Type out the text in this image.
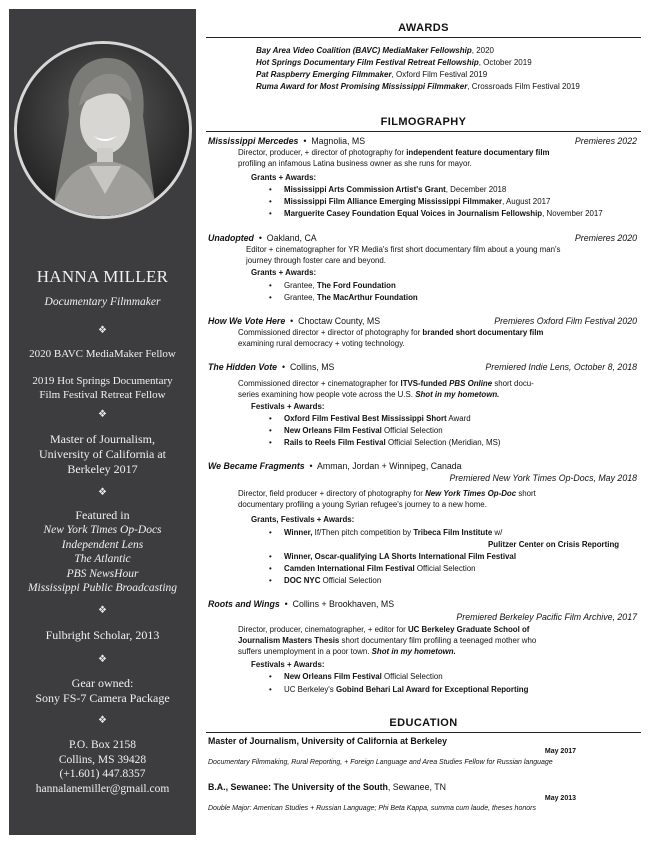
HANNA MILLER
Documentary Filmmaker
❖
2020 BAVC MediaMaker Fellow
2019 Hot Springs Documentary
Film Festival Retreat Fellow
❖
Master of Journalism,
University of California at
Berkeley 2017
❖
Featured in
New York Times Op-Docs
Independent Lens
The Atlantic
PBS NewsHour
Mississippi Public Broadcasting
❖
Fulbright Scholar, 2013
❖
Gear owned:
Sony FS-7 Camera Package
❖
P.O. Box 2158
Collins, MS 39428
(+1.601) 447.8357
hannalanemiller@gmail.com
AWARDS
Bay Area Video Coalition (BAVC) MediaMaker Fellowship, 2020
Hot Springs Documentary Film Festival Retreat Fellowship, October 2019
Pat Raspberry Emerging Filmmaker, Oxford Film Festival 2019
Ruma Award for Most Promising Mississippi Filmmaker, Crossroads Film Festival 2019
FILMOGRAPHY
Mississippi Mercedes  •  Magnolia, MS	Premieres 2022
Director, producer, + director of photography for independent feature documentary film
profiling an infamous Latina business owner as she runs for mayor.
Grants + Awards:
• Mississippi Arts Commission Artist's Grant, December 2018
• Mississippi Film Alliance Emerging Mississippi Filmmaker, August 2017
• Marguerite Casey Foundation Equal Voices in Journalism Fellowship, November 2017
Unadopted  •  Oakland, CA	Premieres 2020
Editor + cinematographer for YR Media's first short documentary film about a young man's
journey through foster care and beyond.
Grants + Awards:
• Grantee, The Ford Foundation
• Grantee, The MacArthur Foundation
How We Vote Here  •  Choctaw County, MS	Premieres Oxford Film Festival 2020
Commissioned director + director of photography for branded short documentary film
examining rural democracy + voting technology.
The Hidden Vote  •  Collins, MS	Premiered Indie Lens, October 8, 2018
Commissioned director + cinematographer for ITVS-funded PBS Online short docu-
series examining how people vote across the U.S. Shot in my hometown.
Festivals + Awards:
• Oxford Film Festival Best Mississippi Short Award
• New Orleans Film Festival Official Selection
• Rails to Reels Film Festival Official Selection (Meridian, MS)
We Became Fragments  •  Amman, Jordan + Winnipeg, Canada
Premiered New York Times Op-Docs, May 2018
Director, field producer + directory of photography for New York Times Op-Doc short
documentary profiling a young Syrian refugee's journey to a new home.
Grants, Festivals + Awards:
• Winner, If/Then pitch competition by Tribeca Film Institute w/
Pulitzer Center on Crisis Reporting
• Winner, Oscar-qualifying LA Shorts International Film Festival
• Camden International Film Festival Official Selection
• DOC NYC Official Selection
Roots and Wings  •  Collins + Brookhaven, MS
Premiered Berkeley Pacific Film Archive, 2017
Director, producer, cinematographer, + editor for UC Berkeley Graduate School of
Journalism Masters Thesis short documentary film profiling a teenaged mother who
suffers unemployment in a poor town. Shot in my hometown.
Festivals + Awards:
• New Orleans Film Festival Official Selection
• UC Berkeley's Gobind Behari Lal Award for Exceptional Reporting
EDUCATION
Master of Journalism, University of California at Berkeley
May 2017
Documentary Filmmaking, Rural Reporting, + Foreign Language and Area Studies Fellow for Russian language
B.A., Sewanee: The University of the South, Sewanee, TN
May 2013
Double Major: American Studies + Russian Language; Phi Beta Kappa, summa cum laude, theses honors
